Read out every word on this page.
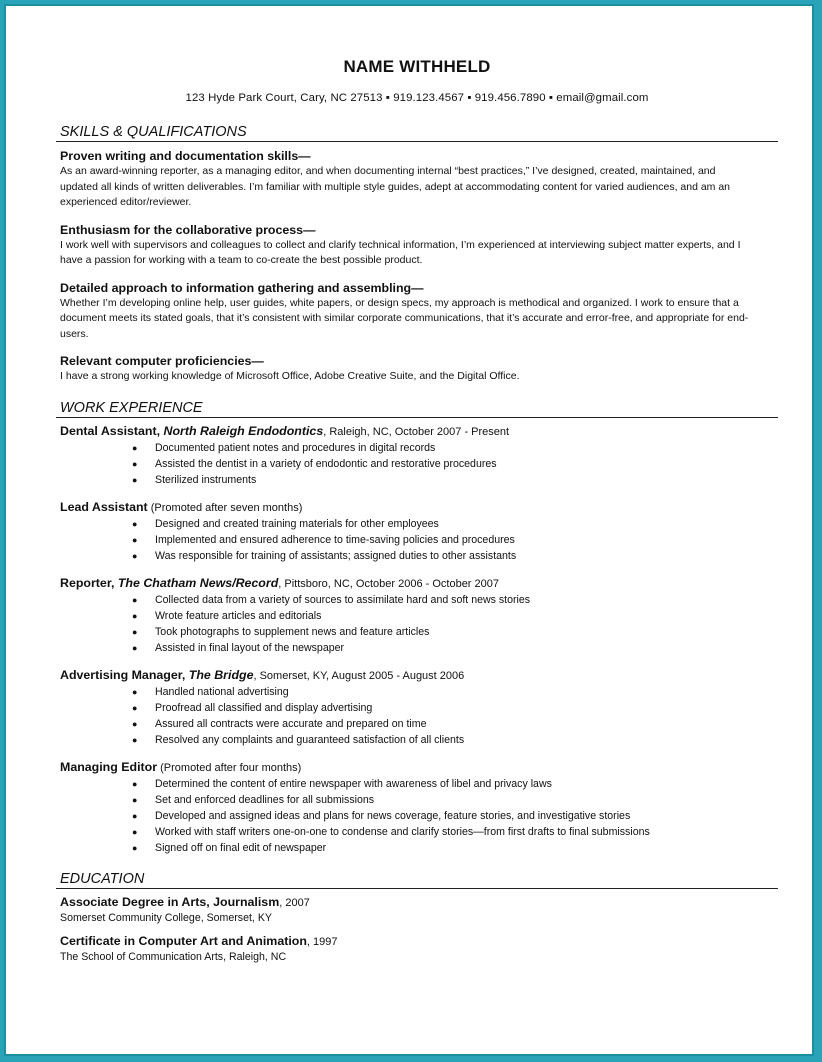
NAME WITHHELD
123 Hyde Park Court, Cary, NC 27513 ▪ 919.123.4567 ▪ 919.456.7890 ▪ email@gmail.com
SKILLS & QUALIFICATIONS
Proven writing and documentation skills—
As an award-winning reporter, as a managing editor, and when documenting internal “best practices,” I’ve designed, created, maintained, and
updated all kinds of written deliverables. I’m familiar with multiple style guides, adept at accommodating content for varied audiences, and am an
experienced editor/reviewer.
Enthusiasm for the collaborative process—
I work well with supervisors and colleagues to collect and clarify technical information, I’m experienced at interviewing subject matter experts, and I
have a passion for working with a team to co-create the best possible product.
Detailed approach to information gathering and assembling—
Whether I’m developing online help, user guides, white papers, or design specs, my approach is methodical and organized. I work to ensure that a
document meets its stated goals, that it’s consistent with similar corporate communications, that it’s accurate and error-free, and appropriate for end-
users.
Relevant computer proficiencies—
I have a strong working knowledge of Microsoft Office, Adobe Creative Suite, and the Digital Office.
WORK EXPERIENCE
Dental Assistant, North Raleigh Endodontics, Raleigh, NC, October 2007 - Present
● Documented patient notes and procedures in digital records
● Assisted the dentist in a variety of endodontic and restorative procedures
● Sterilized instruments
Lead Assistant (Promoted after seven months)
● Designed and created training materials for other employees
● Implemented and ensured adherence to time-saving policies and procedures
● Was responsible for training of assistants; assigned duties to other assistants
Reporter, The Chatham News/Record, Pittsboro, NC, October 2006 - October 2007
● Collected data from a variety of sources to assimilate hard and soft news stories
● Wrote feature articles and editorials
● Took photographs to supplement news and feature articles
● Assisted in final layout of the newspaper
Advertising Manager, The Bridge, Somerset, KY, August 2005 - August 2006
● Handled national advertising
● Proofread all classified and display advertising
● Assured all contracts were accurate and prepared on time
● Resolved any complaints and guaranteed satisfaction of all clients
Managing Editor (Promoted after four months)
● Determined the content of entire newspaper with awareness of libel and privacy laws
● Set and enforced deadlines for all submissions
● Developed and assigned ideas and plans for news coverage, feature stories, and investigative stories
● Worked with staff writers one-on-one to condense and clarify stories—from first drafts to final submissions
● Signed off on final edit of newspaper
EDUCATION
Associate Degree in Arts, Journalism, 2007
Somerset Community College, Somerset, KY
Certificate in Computer Art and Animation, 1997
The School of Communication Arts, Raleigh, NC
